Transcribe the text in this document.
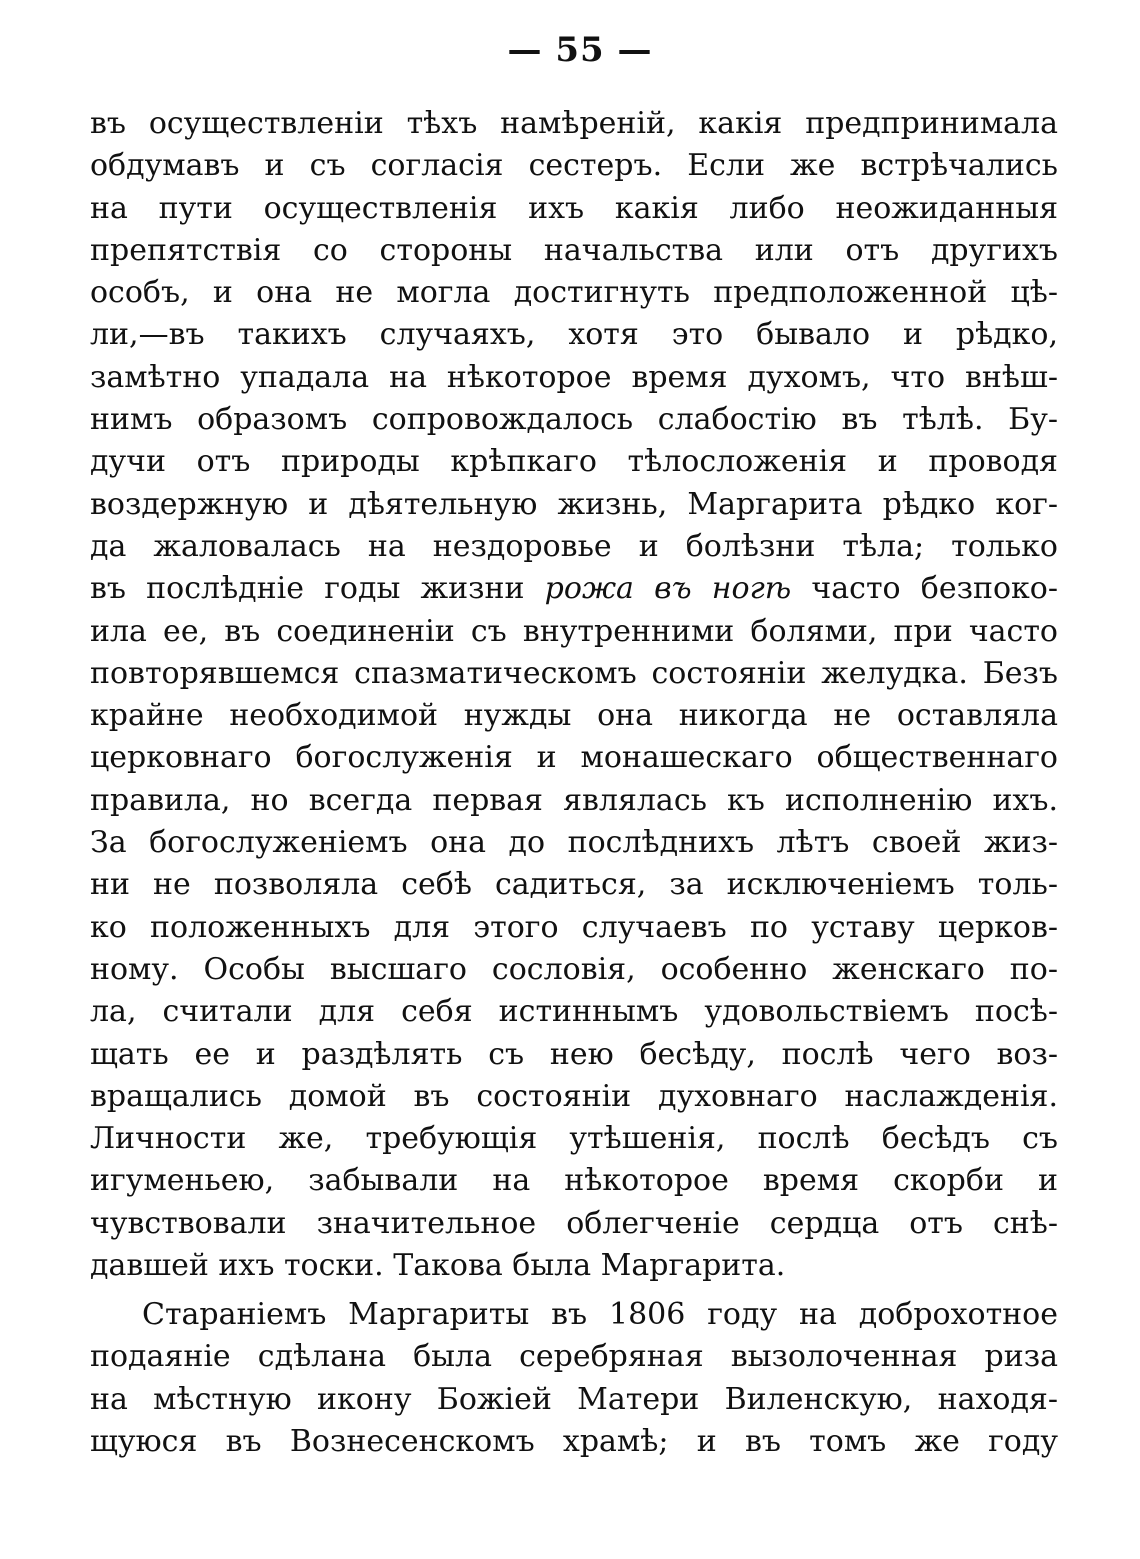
— 55 —
въ осуществленіи тѣхъ намѣреній, какія предпринимала
обдумавъ и съ согласія сестеръ. Если же встрѣчались
на пути осуществленія ихъ какія либо неожиданныя
препятствія со стороны начальства или отъ другихъ
особъ, и она не могла достигнуть предположенной цѣ-
ли,—въ такихъ случаяхъ, хотя это бывало и рѣдко,
замѣтно упадала на нѣкоторое время духомъ, что внѣш-
нимъ образомъ сопровождалось слабостію въ тѣлѣ. Бу-
дучи отъ природы крѣпкаго тѣлосложенія и проводя
воздержную и дѣятельную жизнь, Маргарита рѣдко ког-
да жаловалась на нездоровье и болѣзни тѣла; только
въ послѣдніе годы жизни рожа въ ногѣ часто безпоко-
ила ее, въ соединеніи съ внутренними болями, при часто
повторявшемся спазматическомъ состояніи желудка. Безъ
крайне необходимой нужды она никогда не оставляла
церковнаго богослуженія и монашескаго общественнаго
правила, но всегда первая являлась къ исполненію ихъ.
За богослуженіемъ она до послѣднихъ лѣтъ своей жиз-
ни не позволяла себѣ садиться, за исключеніемъ толь-
ко положенныхъ для этого случаевъ по уставу церков-
ному. Особы высшаго сословія, особенно женскаго по-
ла, считали для себя истиннымъ удовольствіемъ посѣ-
щать ее и раздѣлять съ нею бесѣду, послѣ чего воз-
вращались домой въ состояніи духовнаго наслажденія.
Личности же, требующія утѣшенія, послѣ бесѣдъ съ
игуменьею, забывали на нѣкоторое время скорби и
чувствовали значительное облегченіе сердца отъ снѣ-
давшей ихъ тоски. Такова была Маргарита.
Стараніемъ Маргариты въ 1806 году на доброхотное
подаяніе сдѣлана была серебряная вызолоченная риза
на мѣстную икону Божіей Матери Виленскую, находя-
щуюся въ Вознесенскомъ храмѣ; и въ томъ же году
